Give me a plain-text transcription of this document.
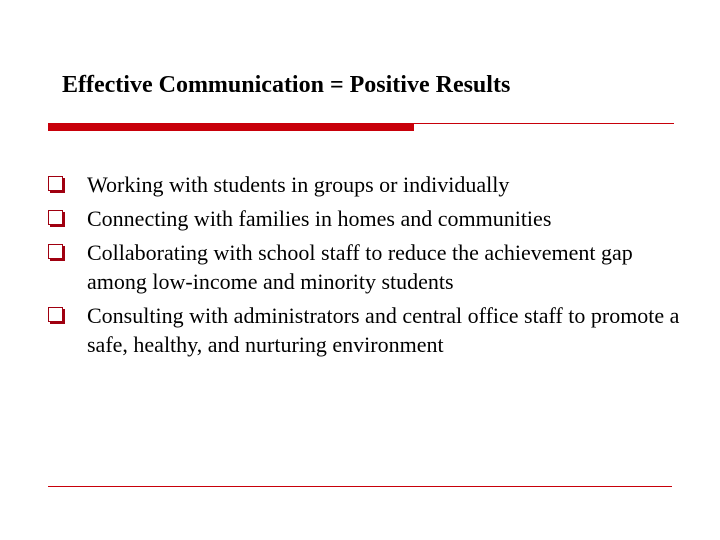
Effective Communication = Positive Results
Working with students in groups or individually
Connecting with families in homes and communities
Collaborating with school staff to reduce the achievement gap among low-income and minority students
Consulting with administrators and central office staff to promote a safe, healthy, and nurturing environment
